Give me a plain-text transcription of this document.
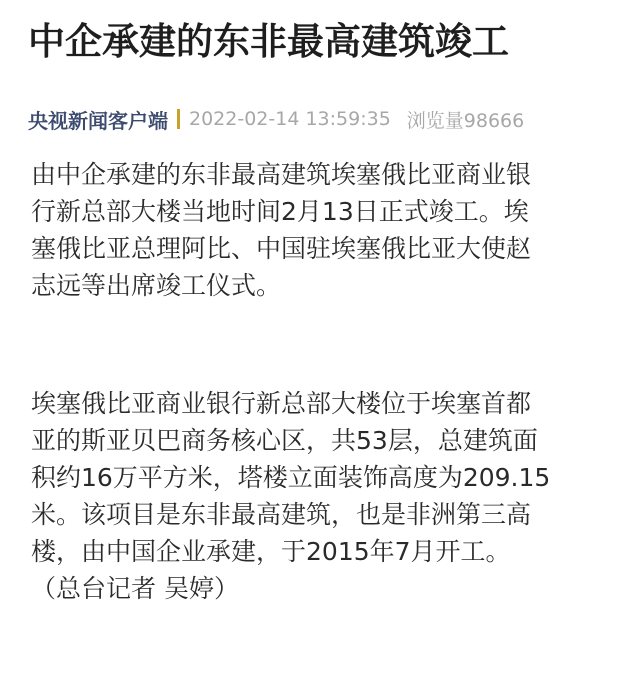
中企承建的东非最高建筑竣工
央视新闻客户端 2022-02-14 13:59:35 浏览量98666

由中企承建的东非最高建筑埃塞俄比亚商业银
行新总部大楼当地时间2月13日正式竣工。埃
塞俄比亚总理阿比、中国驻埃塞俄比亚大使赵
志远等出席竣工仪式。

埃塞俄比亚商业银行新总部大楼位于埃塞首都
亚的斯亚贝巴商务核心区，共53层，总建筑面
积约16万平方米，塔楼立面装饰高度为209.15
米。该项目是东非最高建筑，也是非洲第三高
楼，由中国企业承建，于2015年7月开工。
（总台记者 吴婷）
